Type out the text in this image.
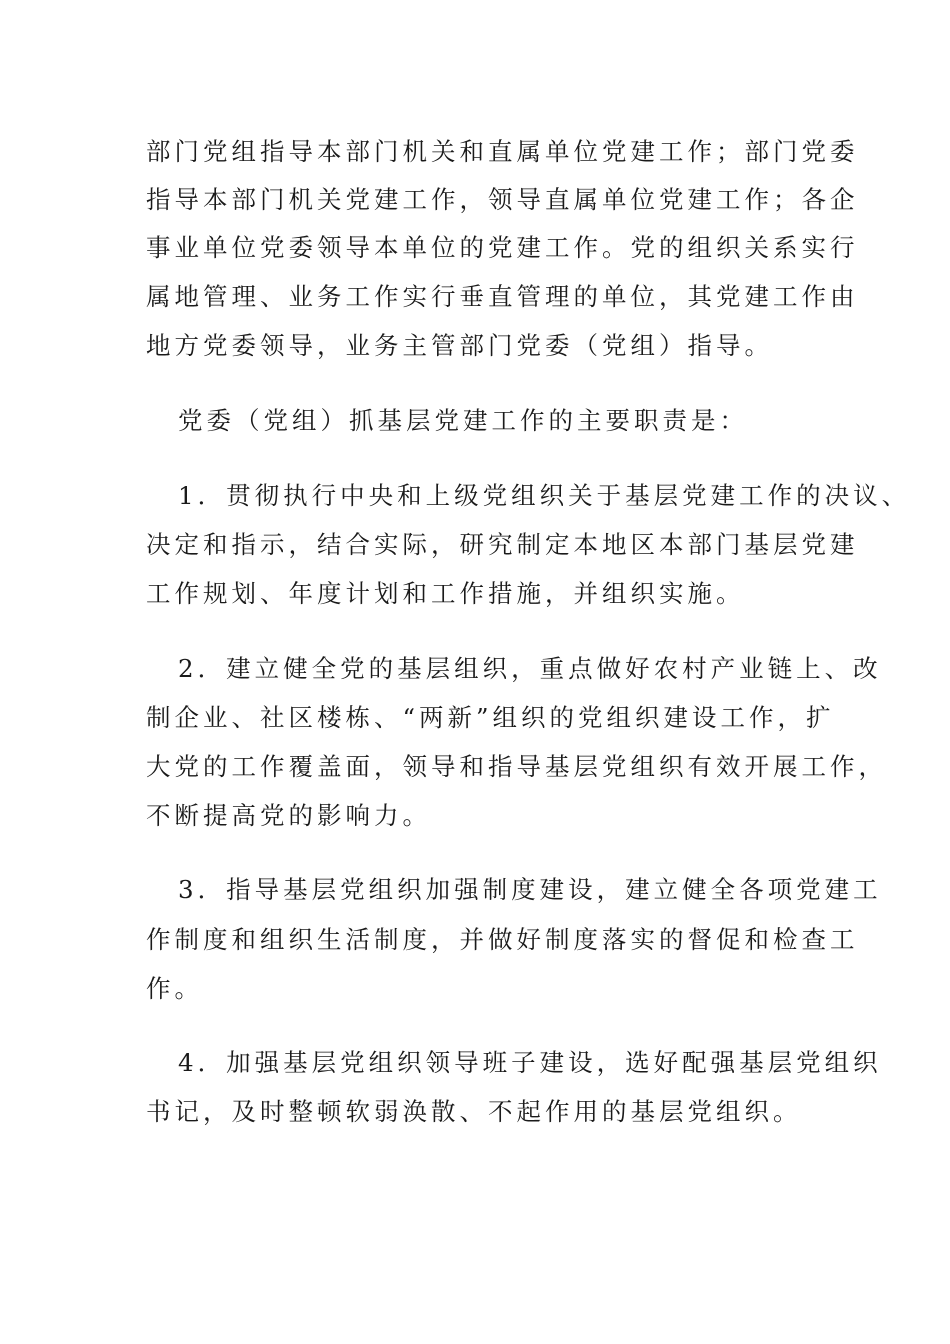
部门党组指导本部门机关和直属单位党建工作；部门党委
指导本部门机关党建工作，领导直属单位党建工作；各企
事业单位党委领导本单位的党建工作。党的组织关系实行
属地管理、业务工作实行垂直管理的单位，其党建工作由
地方党委领导，业务主管部门党委（党组）指导。
党委（党组）抓基层党建工作的主要职责是：
1．贯彻执行中央和上级党组织关于基层党建工作的决议、
决定和指示，结合实际，研究制定本地区本部门基层党建
工作规划、年度计划和工作措施，并组织实施。
2．建立健全党的基层组织，重点做好农村产业链上、改
制企业、社区楼栋、“两新”组织的党组织建设工作，扩
大党的工作覆盖面，领导和指导基层党组织有效开展工作，
不断提高党的影响力。
3．指导基层党组织加强制度建设，建立健全各项党建工
作制度和组织生活制度，并做好制度落实的督促和检查工
作。
4．加强基层党组织领导班子建设，选好配强基层党组织
书记，及时整顿软弱涣散、不起作用的基层党组织。
